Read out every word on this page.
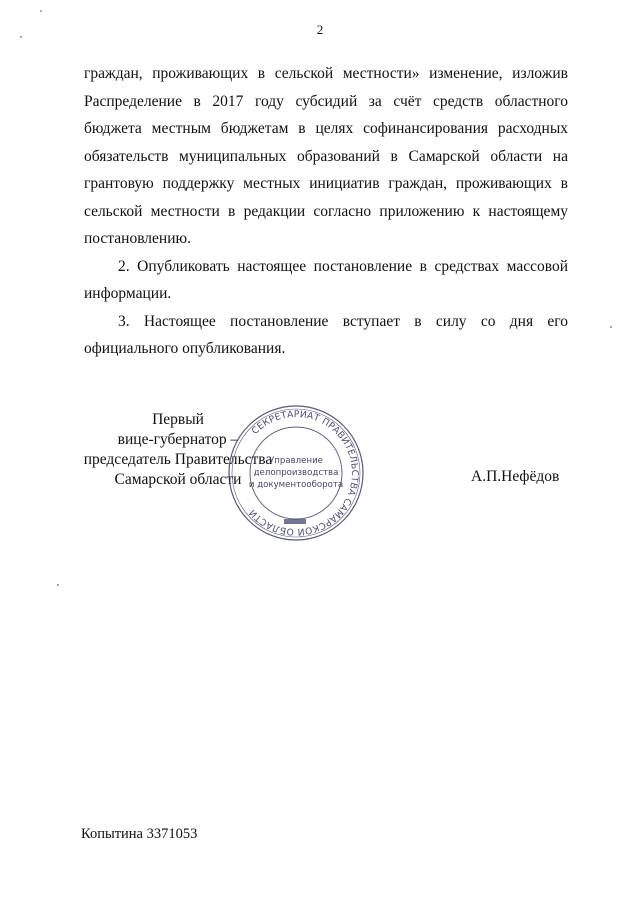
2

граждан, проживающих в сельской местности» изменение, изложив Распределение в 2017 году субсидий за счёт средств областного бюджета местным бюджетам в целях софинансирования расходных обязательств муниципальных образований в Самарской области на грантовую поддержку местных инициатив граждан, проживающих в сельской местности в редакции согласно приложению к настоящему постановлению.

2. Опубликовать настоящее постановление в средствах массовой информации.

3. Настоящее постановление вступает в силу со дня его официального опубликования.

Первый
вице-губернатор –
председатель Правительства
Самарской области
СЕКРЕТАРИАТ ПРАВИТЕЛЬСТВА САМАРСКОЙ ОБЛАСТИ
Управление
делопроизводства
и документооборота	А.П.Нефёдов
Копытина 3371053
